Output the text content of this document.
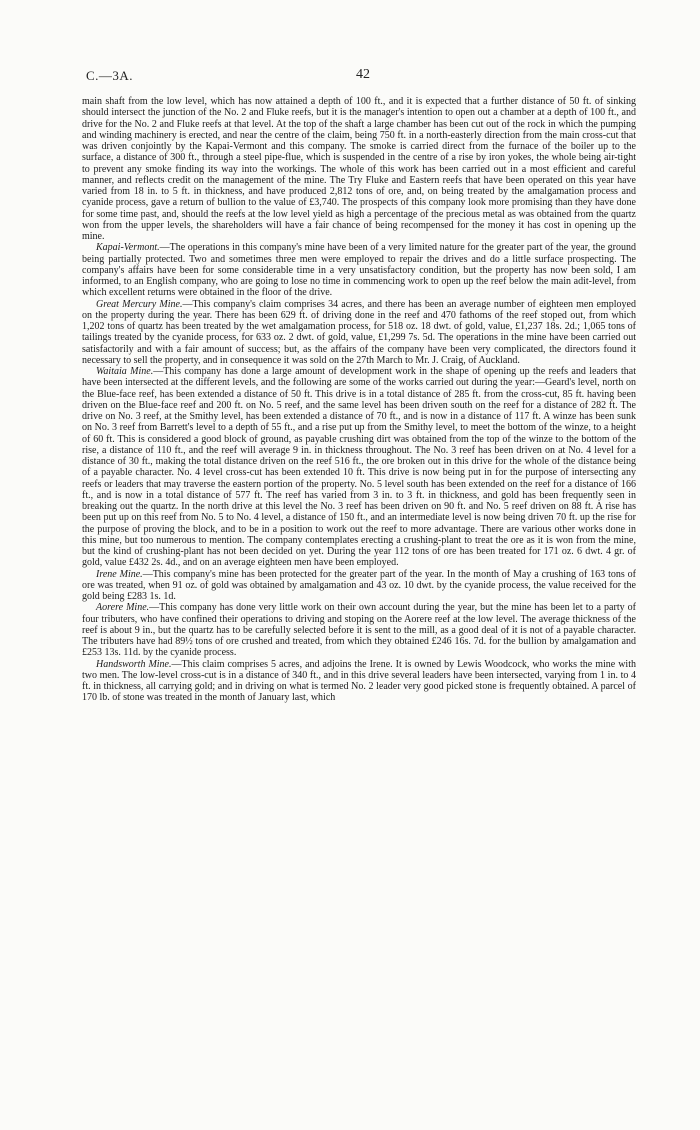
C.—3A.	42

main shaft from the low level, which has now attained a depth of 100 ft., and it is expected that a further distance of 50 ft. of sinking should intersect the junction of the No. 2 and Fluke reefs, but it is the manager's intention to open out a chamber at a depth of 100 ft., and drive for the No. 2 and Fluke reefs at that level. At the top of the shaft a large chamber has been cut out of the rock in which the pumping and winding machinery is erected, and near the centre of the claim, being 750 ft. in a north-easterly direction from the main cross-cut that was driven conjointly by the Kapai-Vermont and this company. The smoke is carried direct from the furnace of the boiler up to the surface, a distance of 300 ft., through a steel pipe-flue, which is suspended in the centre of a rise by iron yokes, the whole being air-tight to prevent any smoke finding its way into the workings. The whole of this work has been carried out in a most efficient and careful manner, and reflects credit on the management of the mine. The Try Fluke and Eastern reefs that have been operated on this year have varied from 18 in. to 5 ft. in thickness, and have produced 2,812 tons of ore, and, on being treated by the amalgamation process and cyanide process, gave a return of bullion to the value of £3,740. The prospects of this company look more promising than they have done for some time past, and, should the reefs at the low level yield as high a percentage of the precious metal as was obtained from the quartz won from the upper levels, the shareholders will have a fair chance of being recompensed for the money it has cost in opening up the mine.

Kapai-Vermont.—The operations in this company's mine have been of a very limited nature for the greater part of the year, the ground being partially protected. Two and sometimes three men were employed to repair the drives and do a little surface prospecting. The company's affairs have been for some considerable time in a very unsatisfactory condition, but the property has now been sold, I am informed, to an English company, who are going to lose no time in commencing work to open up the reef below the main adit-level, from which excellent returns were obtained in the floor of the drive.

Great Mercury Mine.—This company's claim comprises 34 acres, and there has been an average number of eighteen men employed on the property during the year. There has been 629 ft. of driving done in the reef and 470 fathoms of the reef stoped out, from which 1,202 tons of quartz has been treated by the wet amalgamation process, for 518 oz. 18 dwt. of gold, value, £1,237 18s. 2d.; 1,065 tons of tailings treated by the cyanide process, for 633 oz. 2 dwt. of gold, value, £1,299 7s. 5d. The operations in the mine have been carried out satisfactorily and with a fair amount of success; but, as the affairs of the company have been very complicated, the directors found it necessary to sell the property, and in consequence it was sold on the 27th March to Mr. J. Craig, of Auckland.

Waitaia Mine.—This company has done a large amount of development work in the shape of opening up the reefs and leaders that have been intersected at the different levels, and the following are some of the works carried out during the year:—Geard's level, north on the Blue-face reef, has been extended a distance of 50 ft. This drive is in a total distance of 285 ft. from the cross-cut, 85 ft. having been driven on the Blue-face reef and 200 ft. on No. 5 reef, and the same level has been driven south on the reef for a distance of 282 ft. The drive on No. 3 reef, at the Smithy level, has been extended a distance of 70 ft., and is now in a distance of 117 ft. A winze has been sunk on No. 3 reef from Barrett's level to a depth of 55 ft., and a rise put up from the Smithy level, to meet the bottom of the winze, to a height of 60 ft. This is considered a good block of ground, as payable crushing dirt was obtained from the top of the winze to the bottom of the rise, a distance of 110 ft., and the reef will average 9 in. in thickness throughout. The No. 3 reef has been driven on at No. 4 level for a distance of 30 ft., making the total distance driven on the reef 516 ft., the ore broken out in this drive for the whole of the distance being of a payable character. No. 4 level cross-cut has been extended 10 ft. This drive is now being put in for the purpose of intersecting any reefs or leaders that may traverse the eastern portion of the property. No. 5 level south has been extended on the reef for a distance of 166 ft., and is now in a total distance of 577 ft. The reef has varied from 3 in. to 3 ft. in thickness, and gold has been frequently seen in breaking out the quartz. In the north drive at this level the No. 3 reef has been driven on 90 ft. and No. 5 reef driven on 88 ft. A rise has been put up on this reef from No. 5 to No. 4 level, a distance of 150 ft., and an intermediate level is now being driven 70 ft. up the rise for the purpose of proving the block, and to be in a position to work out the reef to more advantage. There are various other works done in this mine, but too numerous to mention. The company contemplates erecting a crushing-plant to treat the ore as it is won from the mine, but the kind of crushing-plant has not been decided on yet. During the year 112 tons of ore has been treated for 171 oz. 6 dwt. 4 gr. of gold, value £432 2s. 4d., and on an average eighteen men have been employed.

Irene Mine.—This company's mine has been protected for the greater part of the year. In the month of May a crushing of 163 tons of ore was treated, when 91 oz. of gold was obtained by amalgamation and 43 oz. 10 dwt. by the cyanide process, the value received for the gold being £283 1s. 1d.

Aorere Mine.—This company has done very little work on their own account during the year, but the mine has been let to a party of four tributers, who have confined their operations to driving and stoping on the Aorere reef at the low level. The average thickness of the reef is about 9 in., but the quartz has to be carefully selected before it is sent to the mill, as a good deal of it is not of a payable character. The tributers have had 89½ tons of ore crushed and treated, from which they obtained £246 16s. 7d. for the bullion by amalgamation and £253 13s. 11d. by the cyanide process.

Handsworth Mine.—This claim comprises 5 acres, and adjoins the Irene. It is owned by Lewis Woodcock, who works the mine with two men. The low-level cross-cut is in a distance of 340 ft., and in this drive several leaders have been intersected, varying from 1 in. to 4 ft. in thickness, all carrying gold; and in driving on what is termed No. 2 leader very good picked stone is frequently obtained. A parcel of 170 lb. of stone was treated in the month of January last, which
